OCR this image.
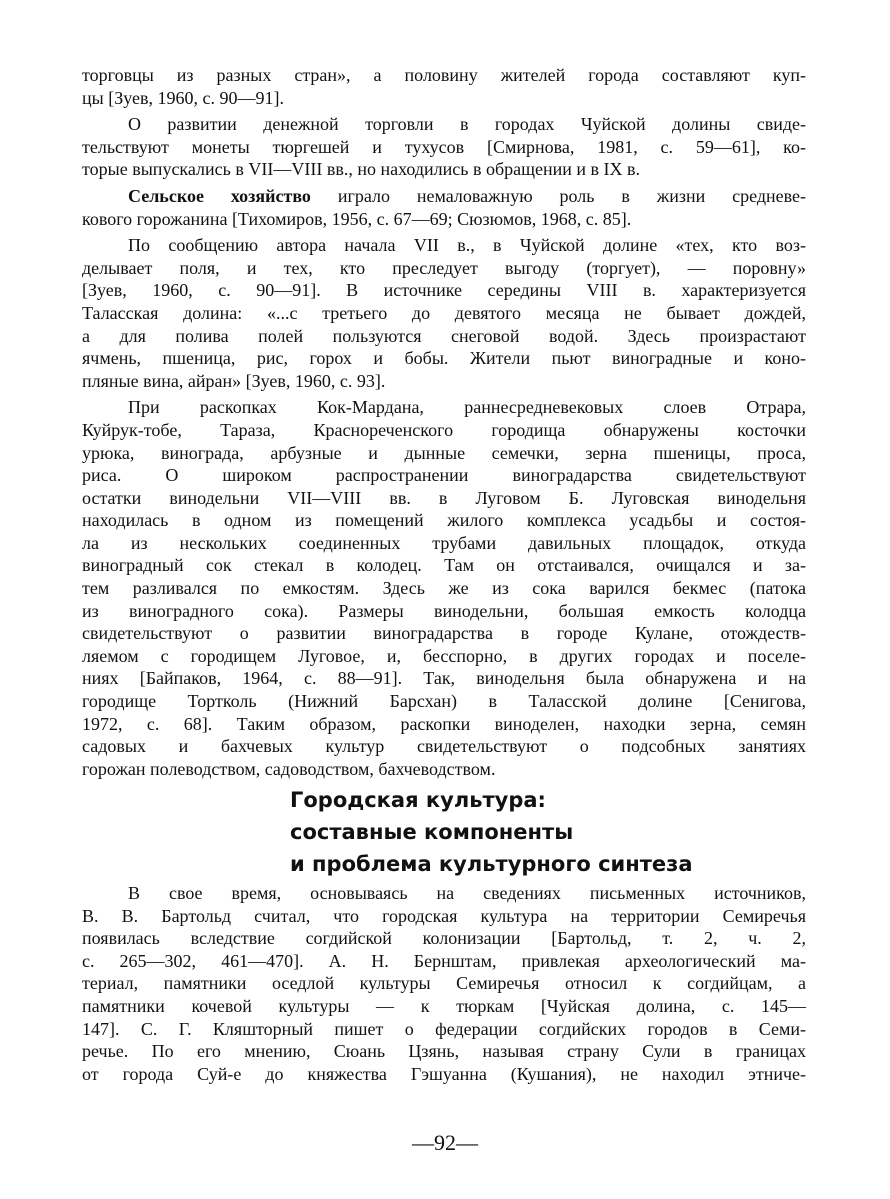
торговцы из разных стран», а половину жителей города составляют куп-

цы [Зуев, 1960, с. 90—91].

О развитии денежной торговли в городах Чуйской долины свиде-

тельствуют монеты тюргешей и тухусов [Смирнова, 1981, с. 59—61], ко-

торые выпускались в VII—VIII вв., но находились в обращении и в IX в.

Сельское хозяйство играло немаловажную роль в жизни средневе-

кового горожанина [Тихомиров, 1956, с. 67—69; Сюзюмов, 1968, с. 85].

По сообщению автора начала VII в., в Чуйской долине «тех, кто воз-

делывает поля, и тех, кто преследует выгоду (торгует), — поровну»

[Зуев, 1960, с. 90—91]. В источнике середины VIII в. характеризуется

Таласская долина: «...с третьего до девятого месяца не бывает дождей,

а для полива полей пользуются снеговой водой. Здесь произрастают

ячмень, пшеница, рис, горох и бобы. Жители пьют виноградные и коно-

пляные вина, айран» [Зуев, 1960, с. 93].

При раскопках Кок-Мардана, раннесредневековых слоев Отрара,

Куйрук-тобе, Тараза, Краснореченского городища обнаружены косточки

урюка, винограда, арбузные и дынные семечки, зерна пшеницы, проса,

риса. О широком распространении виноградарства свидетельствуют

остатки винодельни VII—VIII вв. в Луговом Б. Луговская винодельня

находилась в одном из помещений жилого комплекса усадьбы и состоя-

ла из нескольких соединенных трубами давильных площадок, откуда

виноградный сок стекал в колодец. Там он отстаивался, очищался и за-

тем разливался по емкостям. Здесь же из сока варился бекмес (патока

из виноградного сока). Размеры винодельни, большая емкость колодца

свидетельствуют о развитии виноградарства в городе Кулане, отождеств-

ляемом с городищем Луговое, и, бесспорно, в других городах и поселе-

ниях [Байпаков, 1964, с. 88—91]. Так, винодельня была обнаружена и на

городище Тортколь (Нижний Барсхан) в Таласской долине [Сенигова,

1972, с. 68]. Таким образом, раскопки виноделен, находки зерна, семян

садовых и бахчевых культур свидетельствуют о подсобных занятиях

горожан полеводством, садоводством, бахчеводством.

Городская культура:
составные компоненты
и проблема культурного синтеза

В свое время, основываясь на сведениях письменных источников,

В. В. Бартольд считал, что городская культура на территории Семиречья

появилась вследствие согдийской колонизации [Бартольд, т. 2, ч. 2,

с. 265—302, 461—470]. А. Н. Бернштам, привлекая археологический ма-

териал, памятники оседлой культуры Семиречья относил к согдийцам, а

памятники кочевой культуры — к тюркам [Чуйская долина, с. 145—

147]. С. Г. Кляшторный пишет о федерации согдийских городов в Семи-

речье. По его мнению, Сюань Цзянь, называя страну Сули в границах

от города Суй-е до княжества Гэшуанна (Кушания), не находил этниче-

—92—
